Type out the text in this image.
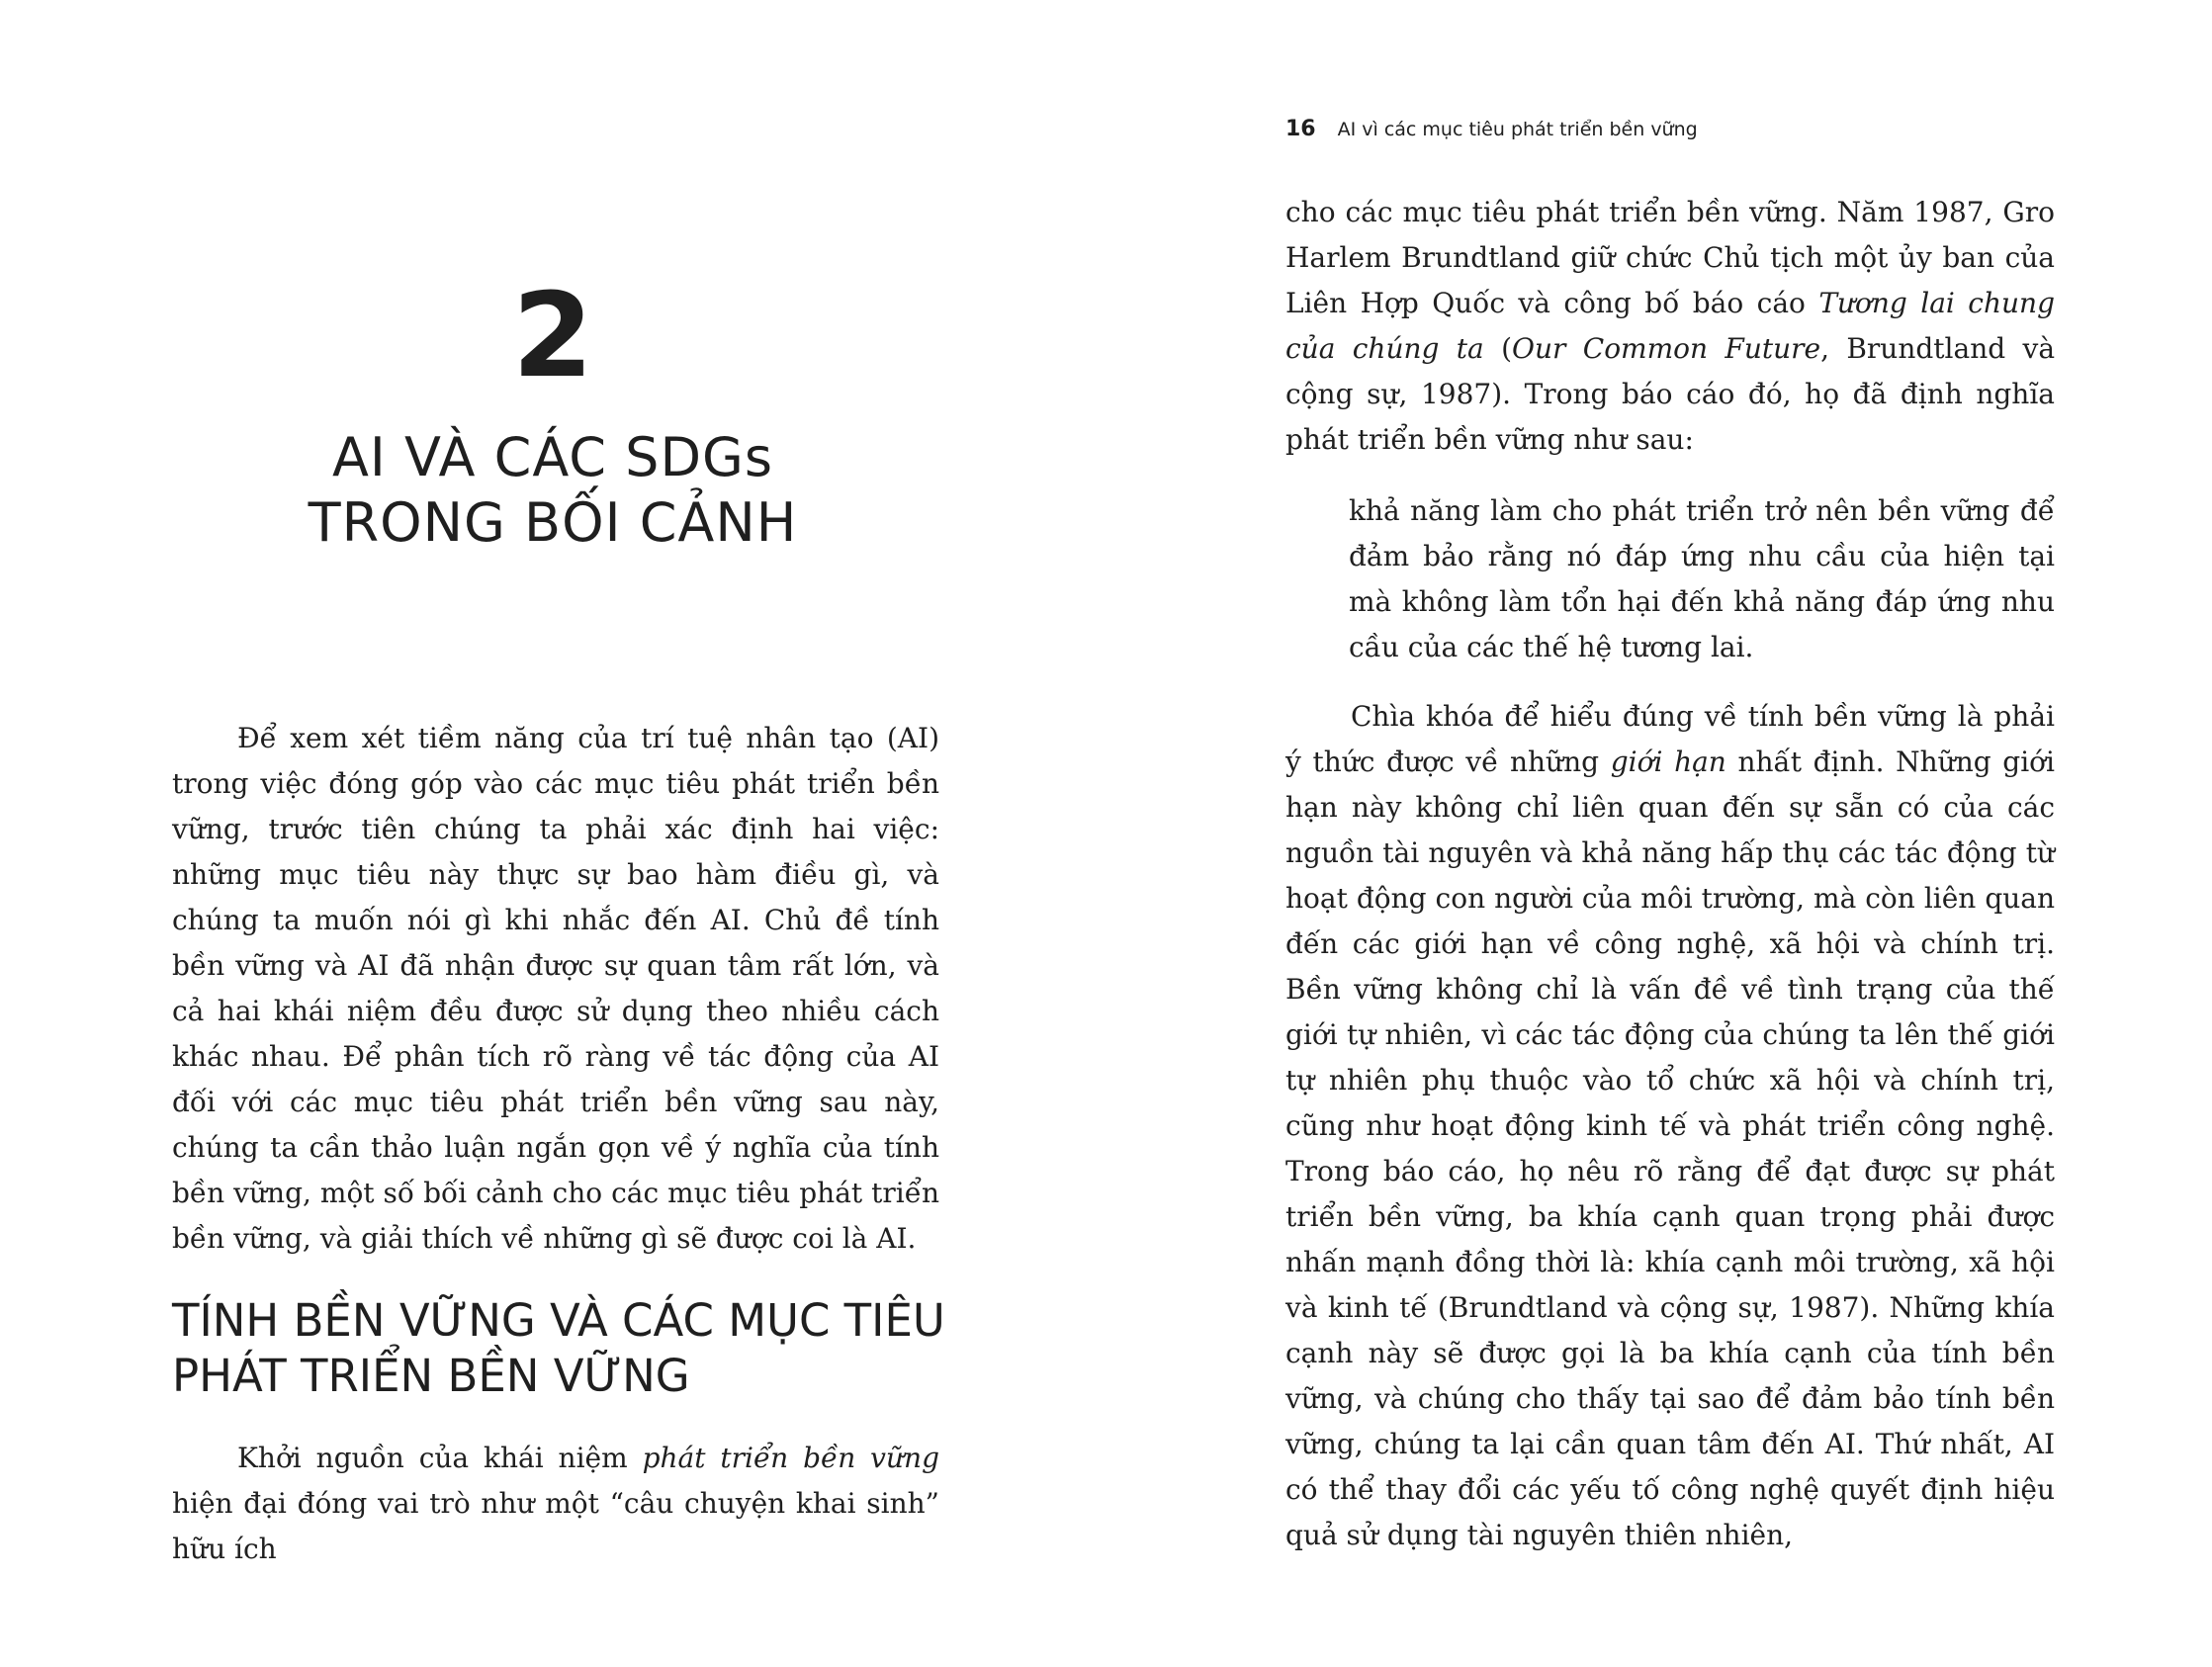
2
AI VÀ CÁC SDGs
TRONG BỐI CẢNH

Để xem xét tiềm năng của trí tuệ nhân tạo (AI) trong việc đóng góp vào các mục tiêu phát triển bền vững, trước tiên chúng ta phải xác định hai việc: những mục tiêu này thực sự bao hàm điều gì, và chúng ta muốn nói gì khi nhắc đến AI. Chủ đề tính bền vững và AI đã nhận được sự quan tâm rất lớn, và cả hai khái niệm đều được sử dụng theo nhiều cách khác nhau. Để phân tích rõ ràng về tác động của AI đối với các mục tiêu phát triển bền vững sau này, chúng ta cần thảo luận ngắn gọn về ý nghĩa của tính bền vững, một số bối cảnh cho các mục tiêu phát triển bền vững, và giải thích về những gì sẽ được coi là AI.

TÍNH BỀN VỮNG VÀ CÁC MỤC TIÊU
PHÁT TRIỂN BỀN VỮNG

Khởi nguồn của khái niệm phát triển bền vững hiện đại đóng vai trò như một “câu chuyện khai sinh” hữu ích

16 AI vì các mục tiêu phát triển bền vững

cho các mục tiêu phát triển bền vững. Năm 1987, Gro Harlem Brundtland giữ chức Chủ tịch một ủy ban của Liên Hợp Quốc và công bố báo cáo Tương lai chung của chúng ta (Our Common Future, Brundtland và cộng sự, 1987). Trong báo cáo đó, họ đã định nghĩa phát triển bền vững như sau:

khả năng làm cho phát triển trở nên bền vững để đảm bảo rằng nó đáp ứng nhu cầu của hiện tại mà không làm tổn hại đến khả năng đáp ứng nhu cầu của các thế hệ tương lai.

Chìa khóa để hiểu đúng về tính bền vững là phải ý thức được về những giới hạn nhất định. Những giới hạn này không chỉ liên quan đến sự sẵn có của các nguồn tài nguyên và khả năng hấp thụ các tác động từ hoạt động con người của môi trường, mà còn liên quan đến các giới hạn về công nghệ, xã hội và chính trị. Bền vững không chỉ là vấn đề về tình trạng của thế giới tự nhiên, vì các tác động của chúng ta lên thế giới tự nhiên phụ thuộc vào tổ chức xã hội và chính trị, cũng như hoạt động kinh tế và phát triển công nghệ. Trong báo cáo, họ nêu rõ rằng để đạt được sự phát triển bền vững, ba khía cạnh quan trọng phải được nhấn mạnh đồng thời là: khía cạnh môi trường, xã hội và kinh tế (Brundtland và cộng sự, 1987). Những khía cạnh này sẽ được gọi là ba khía cạnh của tính bền vững, và chúng cho thấy tại sao để đảm bảo tính bền vững, chúng ta lại cần quan tâm đến AI. Thứ nhất, AI có thể thay đổi các yếu tố công nghệ quyết định hiệu quả sử dụng tài nguyên thiên nhiên,
